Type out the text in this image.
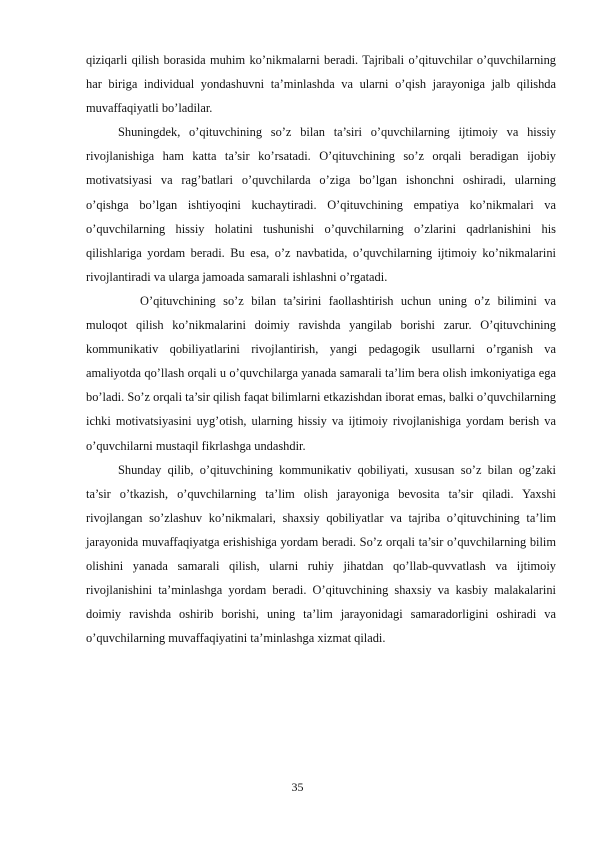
qiziqarli qilish borasida muhim ko’nikmalarni beradi. Tajribali o’qituvchilar o’quvchilarning har biriga individual yondashuvni ta’minlashda va ularni o’qish jarayoniga jalb qilishda muvaffaqiyatli bo’ladilar.

Shuningdek, o’qituvchining so’z bilan ta’siri o’quvchilarning ijtimoiy va hissiy rivojlanishiga ham katta ta’sir ko’rsatadi. O’qituvchining so’z orqali beradigan ijobiy motivatsiyasi va rag’batlari o’quvchilarda o’ziga bo’lgan ishonchni oshiradi, ularning o’qishga bo’lgan ishtiyoqini kuchaytiradi. O’qituvchining empatiya ko’nikmalari va o’quvchilarning hissiy holatini tushunishi o’quvchilarning o’zlarini qadrlanishini his qilishlariga yordam beradi. Bu esa, o’z navbatida, o’quvchilarning ijtimoiy ko’nikmalarini rivojlantiradi va ularga jamoada samarali ishlashni o’rgatadi.

O’qituvchining so’z bilan ta’sirini faollashtirish uchun uning o’z bilimini va muloqot qilish ko’nikmalarini doimiy ravishda yangilab borishi zarur. O’qituvchining kommunikativ qobiliyatlarini rivojlantirish, yangi pedagogik usullarni o’rganish va amaliyotda qo’llash orqali u o’quvchilarga yanada samarali ta’lim bera olish imkoniyatiga ega bo’ladi. So’z orqali ta’sir qilish faqat bilimlarni etkazishdan iborat emas, balki o’quvchilarning ichki motivatsiyasini uyg’otish, ularning hissiy va ijtimoiy rivojlanishiga yordam berish va o’quvchilarni mustaqil fikrlashga undashdir.

Shunday qilib, o’qituvchining kommunikativ qobiliyati, xususan so’z bilan og’zaki ta’sir o’tkazish, o’quvchilarning ta’lim olish jarayoniga bevosita ta’sir qiladi. Yaxshi rivojlangan so’zlashuv ko’nikmalari, shaxsiy qobiliyatlar va tajriba o’qituvchining ta’lim jarayonida muvaffaqiyatga erishishiga yordam beradi. So’z orqali ta’sir o’quvchilarning bilim olishini yanada samarali qilish, ularni ruhiy jihatdan qo’llab-quvvatlash va ijtimoiy rivojlanishini ta’minlashga yordam beradi. O’qituvchining shaxsiy va kasbiy malakalarini doimiy ravishda oshirib borishi, uning ta’lim jarayonidagi samaradorligini oshiradi va o’quvchilarning muvaffaqiyatini ta’minlashga xizmat qiladi.

35
